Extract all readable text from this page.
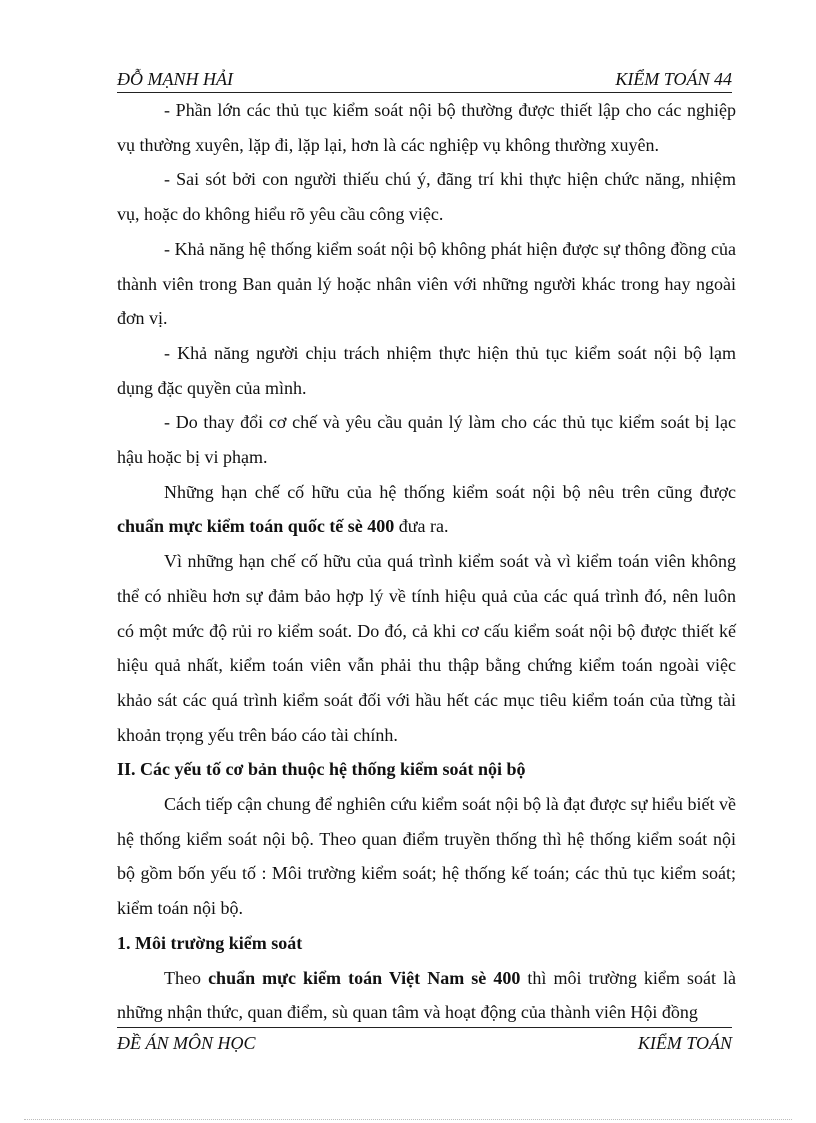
ĐỖ MẠNH HẢI	KIỂM TOÁN 44

- Phần lớn các thủ tục kiểm soát nội bộ thường được thiết lập cho các nghiệp vụ thường xuyên, lặp đi, lặp lại, hơn là các nghiệp vụ không thường xuyên.

- Sai sót bởi con người thiếu chú ý, đãng trí khi thực hiện chức năng, nhiệm vụ, hoặc do không hiểu rõ yêu cầu công việc.

- Khả năng hệ thống kiểm soát nội bộ không phát hiện được sự thông đồng của thành viên trong Ban quản lý hoặc nhân viên với những người khác trong hay ngoài đơn vị.

- Khả năng người chịu trách nhiệm thực hiện thủ tục kiểm soát nội bộ lạm dụng đặc quyền của mình.

- Do thay đổi cơ chế và yêu cầu quản lý làm cho các thủ tục kiểm soát bị lạc hậu hoặc bị vi phạm.

Những hạn chế cố hữu của hệ thống kiểm soát nội bộ nêu trên cũng được chuẩn mực kiểm toán quốc tế sè 400 đưa ra.

Vì những hạn chế cố hữu của quá trình kiểm soát và vì kiểm toán viên không thể có nhiều hơn sự đảm bảo hợp lý về tính hiệu quả của các quá trình đó, nên luôn có một mức độ rủi ro kiểm soát. Do đó, cả khi cơ cấu kiểm soát nội bộ được thiết kế hiệu quả nhất, kiểm toán viên vẫn phải thu thập bằng chứng kiểm toán ngoài việc khảo sát các quá trình kiểm soát đối với hầu hết các mục tiêu kiểm toán của từng tài khoản trọng yếu trên báo cáo tài chính.

II. Các yếu tố cơ bản thuộc hệ thống kiểm soát nội bộ

Cách tiếp cận chung để nghiên cứu kiểm soát nội bộ là đạt được sự hiểu biết về hệ thống kiểm soát nội bộ. Theo quan điểm truyền thống thì hệ thống kiểm soát nội bộ gồm bốn yếu tố : Môi trường kiểm soát; hệ thống kế toán; các thủ tục kiểm soát; kiểm toán nội bộ.

1. Môi trường kiểm soát

Theo chuẩn mực kiểm toán Việt Nam sè 400 thì môi trường kiểm soát là những nhận thức, quan điểm, sù quan tâm và hoạt động của thành viên Hội đồng

ĐỀ ÁN MÔN HỌC	KIỂM TOÁN
